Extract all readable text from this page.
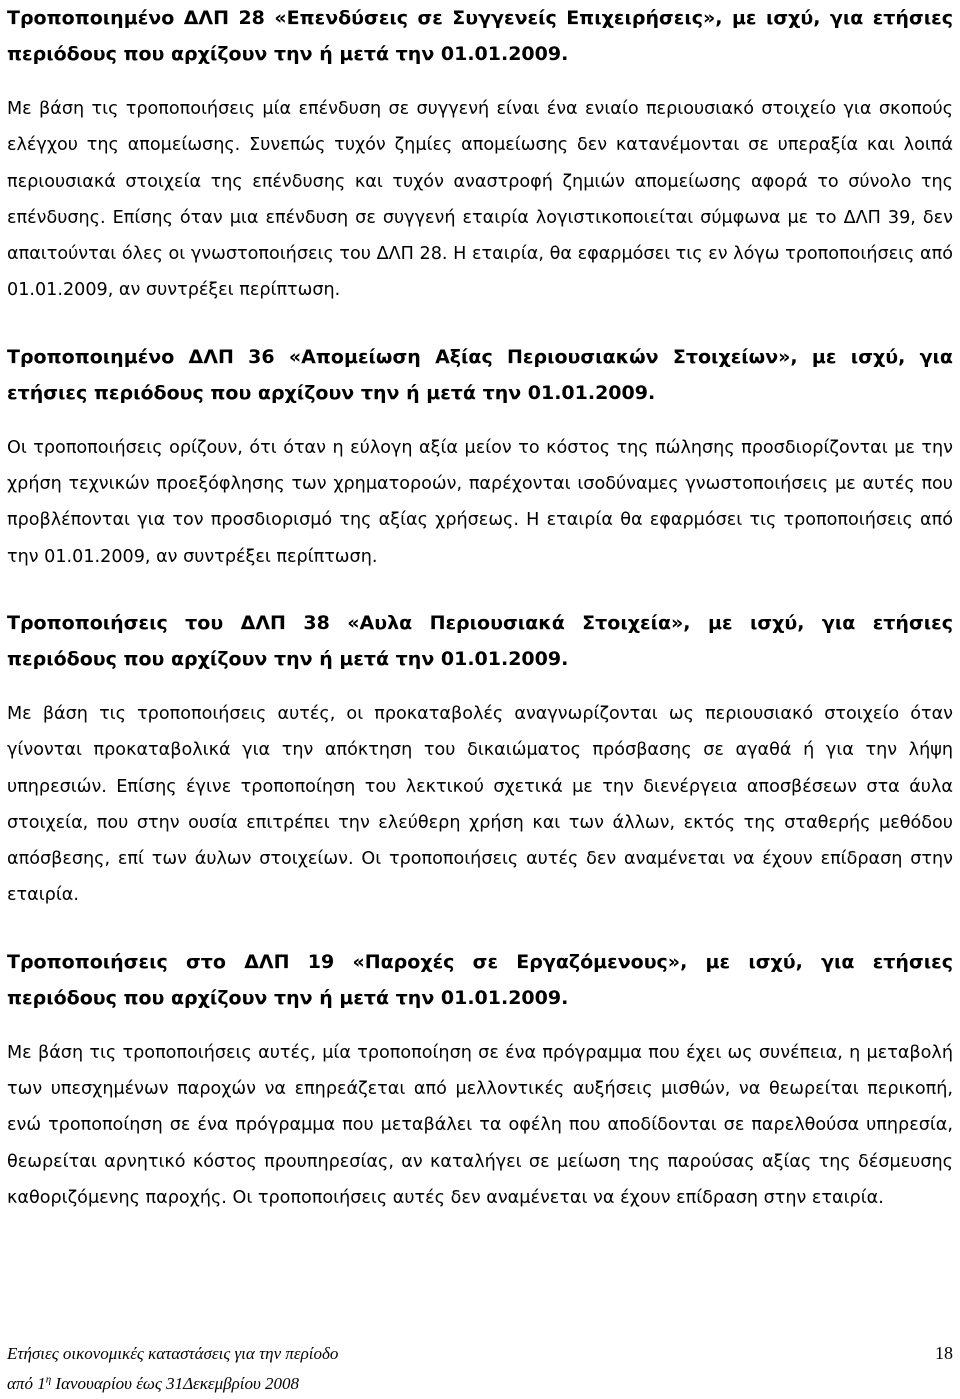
Τροποποιημένο ΔΛΠ 28 «Επενδύσεις σε Συγγενείς Επιχειρήσεις», με ισχύ, για ετήσιες περιόδους που αρχίζουν την ή μετά την 01.01.2009.

Με βάση τις τροποποιήσεις μία επένδυση σε συγγενή είναι ένα ενιαίο περιουσιακό στοιχείο για σκοπούς ελέγχου της απομείωσης. Συνεπώς τυχόν ζημίες απομείωσης δεν κατανέμονται σε υπεραξία και λοιπά περιουσιακά στοιχεία της επένδυσης και τυχόν αναστροφή ζημιών απομείωσης αφορά το σύνολο της επένδυσης. Επίσης όταν μια επένδυση σε συγγενή εταιρία λογιστικοποιείται σύμφωνα με το ΔΛΠ 39, δεν απαιτούνται όλες οι γνωστοποιήσεις του ΔΛΠ 28. Η εταιρία, θα εφαρμόσει τις εν λόγω τροποποιήσεις από 01.01.2009, αν συντρέξει περίπτωση.

Τροποποιημένο ΔΛΠ 36 «Απομείωση Αξίας Περιουσιακών Στοιχείων», με ισχύ, για ετήσιες περιόδους που αρχίζουν την ή μετά την 01.01.2009.

Οι τροποποιήσεις ορίζουν, ότι όταν η εύλογη αξία μείον το κόστος της πώλησης προσδιορίζονται με την χρήση τεχνικών προεξόφλησης των χρηματοροών, παρέχονται ισοδύναμες γνωστοποιήσεις με αυτές που προβλέπονται για τον προσδιορισμό της αξίας χρήσεως. Η εταιρία θα εφαρμόσει τις τροποποιήσεις από την 01.01.2009, αν συντρέξει περίπτωση.

Τροποποιήσεις του ΔΛΠ 38 «Αυλα Περιουσιακά Στοιχεία», με ισχύ, για ετήσιες περιόδους που αρχίζουν την ή μετά την 01.01.2009.

Με βάση τις τροποποιήσεις αυτές, οι προκαταβολές αναγνωρίζονται ως περιουσιακό στοιχείο όταν γίνονται προκαταβολικά για την απόκτηση του δικαιώματος πρόσβασης σε αγαθά ή για την λήψη υπηρεσιών. Επίσης έγινε τροποποίηση του λεκτικού σχετικά με την διενέργεια αποσβέσεων στα άυλα στοιχεία, που στην ουσία επιτρέπει την ελεύθερη χρήση και των άλλων, εκτός της σταθερής μεθόδου απόσβεσης, επί των άυλων στοιχείων. Οι τροποποιήσεις αυτές δεν αναμένεται να έχουν επίδραση στην εταιρία.

Τροποποιήσεις στο ΔΛΠ 19 «Παροχές σε Εργαζόμενους», με ισχύ, για ετήσιες περιόδους που αρχίζουν την ή μετά την 01.01.2009.

Με βάση τις τροποποιήσεις αυτές, μία τροποποίηση σε ένα πρόγραμμα που έχει ως συνέπεια, η μεταβολή των υπεσχημένων παροχών να επηρεάζεται από μελλοντικές αυξήσεις μισθών, να θεωρείται περικοπή, ενώ τροποποίηση σε ένα πρόγραμμα που μεταβάλει τα οφέλη που αποδίδονται σε παρελθούσα υπηρεσία, θεωρείται αρνητικό κόστος προυπηρεσίας, αν καταλήγει σε μείωση της παρούσας αξίας της δέσμευσης καθοριζόμενης παροχής. Οι τροποποιήσεις αυτές δεν αναμένεται να έχουν επίδραση στην εταιρία.

Ετήσιες οικονομικές καταστάσεις για την περίοδο	18
από $1^\eta$ Ιανουαρίου έως 31Δεκεμβρίου 2008
